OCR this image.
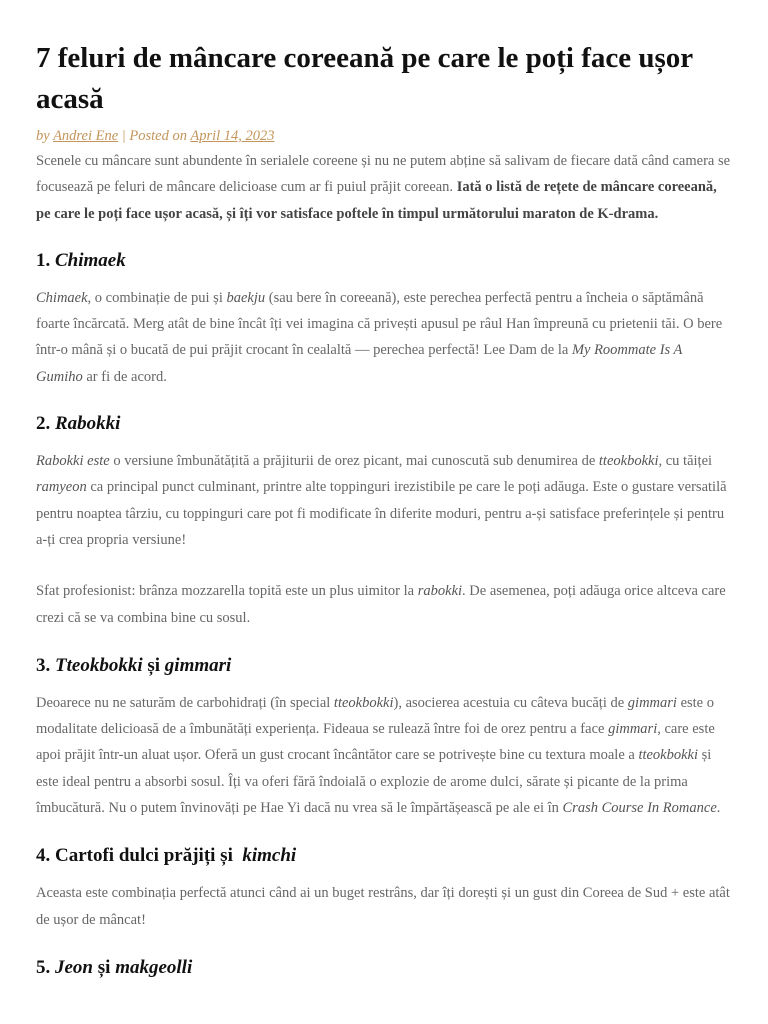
7 feluri de mâncare coreeană pe care le poți face ușor acasă
by Andrei Ene | Posted on April 14, 2023

Scenele cu mâncare sunt abundente în serialele coreene și nu ne putem abține să salivam de fiecare dată când camera se focusează pe feluri de mâncare delicioase cum ar fi puiul prăjit coreean. Iată o listă de rețete de mâncare coreeană, pe care le poți face ușor acasă, și îți vor satisface poftele în timpul următorului maraton de K-drama.

1. Chimaek

Chimaek, o combinație de pui și baekju (sau bere în coreeană), este perechea perfectă pentru a încheia o săptămână foarte încărcată. Merg atât de bine încât îți vei imagina că privești apusul pe râul Han împreună cu prietenii tăi. O bere într-o mână și o bucată de pui prăjit crocant în cealaltă — perechea perfectă! Lee Dam de la My Roommate Is A Gumiho ar fi de acord.

2. Rabokki

Rabokki este o versiune îmbunătățită a prăjiturii de orez picant, mai cunoscută sub denumirea de tteokbokki, cu tăiței ramyeon ca principal punct culminant, printre alte toppinguri irezistibile pe care le poți adăuga. Este o gustare versatilă pentru noaptea târziu, cu toppinguri care pot fi modificate în diferite moduri, pentru a-și satisface preferințele și pentru a-ți crea propria versiune!

Sfat profesionist: brânza mozzarella topită este un plus uimitor la rabokki. De asemenea, poți adăuga orice altceva care crezi că se va combina bine cu sosul.

3. Tteokbokki și gimmari

Deoarece nu ne saturăm de carbohidrați (în special tteokbokki), asocierea acestuia cu câteva bucăți de gimmari este o modalitate delicioasă de a îmbunătăți experiența. Fideaua se rulează între foi de orez pentru a face gimmari, care este apoi prăjit într-un aluat ușor. Oferă un gust crocant încântător care se potrivește bine cu textura moale a tteokbokki și este ideal pentru a absorbi sosul. Îți va oferi fără îndoială o explozie de arome dulci, sărate și picante de la prima îmbucătură. Nu o putem învinovăți pe Hae Yi dacă nu vrea să le împărtășească pe ale ei în Crash Course In Romance.

4. Cartofi dulci prăjiți și  kimchi

Aceasta este combinația perfectă atunci când ai un buget restrâns, dar îți dorești și un gust din Coreea de Sud + este atât de ușor de mâncat!

5. Jeon și makgeolli
